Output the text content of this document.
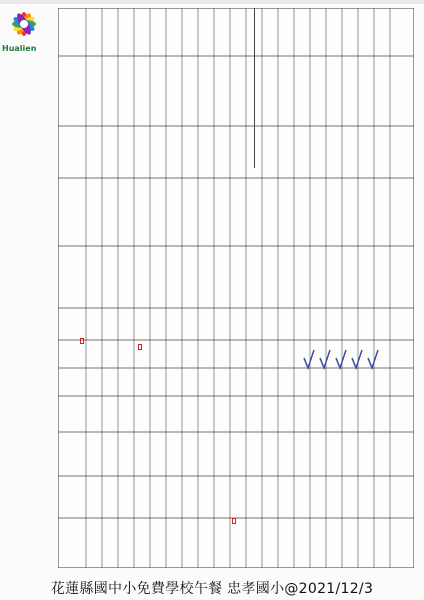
Hualien
花蓮縣國中小免費學校午餐 忠孝國小@2021/12/3
